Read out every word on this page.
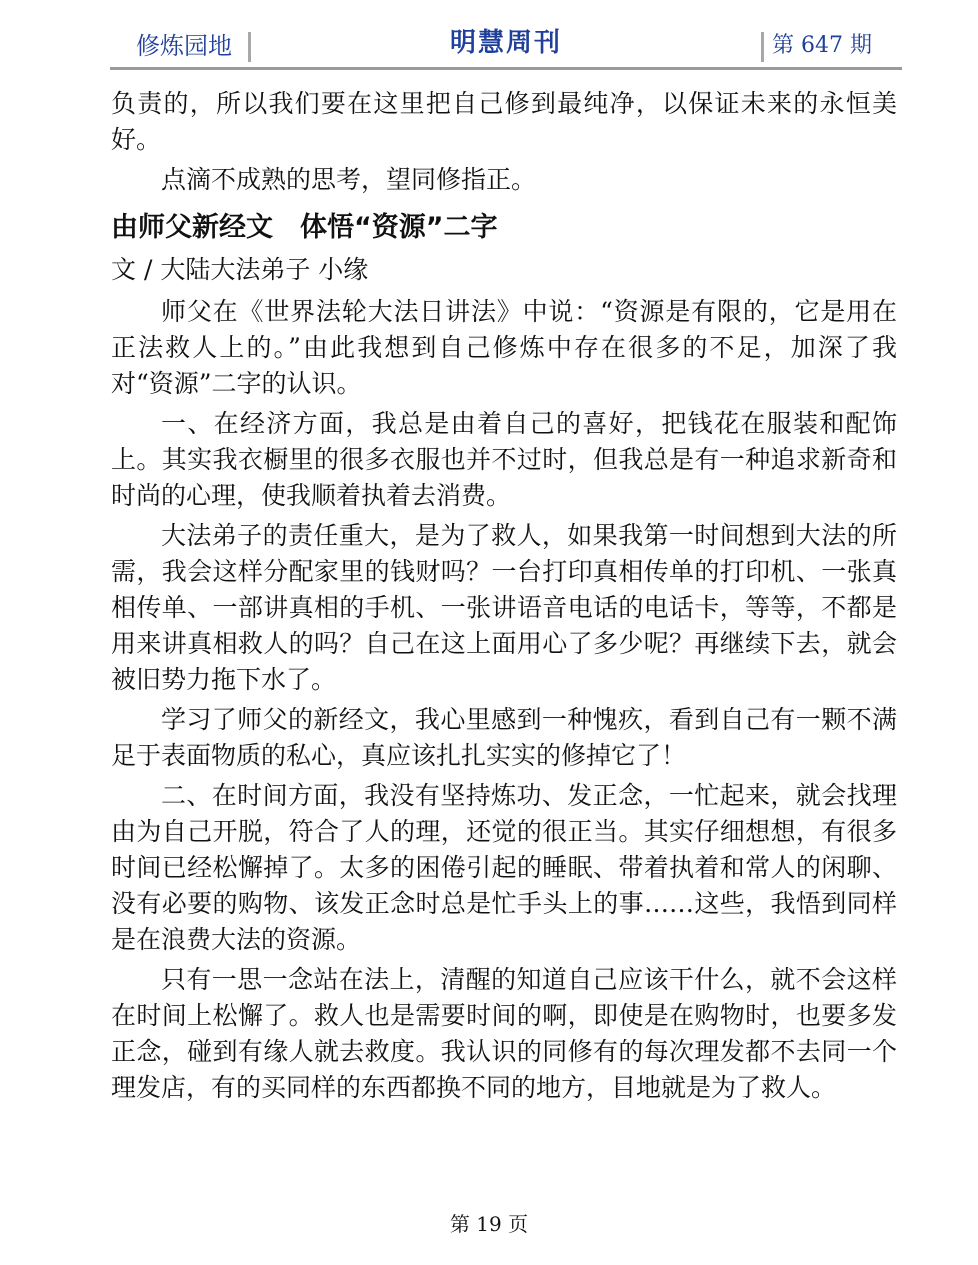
修炼园地	明慧周刊	第 647 期

负责的，所以我们要在这里把自己修到最纯净，以保证未来的永恒美好。

点滴不成熟的思考，望同修指正。

由师父新经文　体悟“资源”二字

文 / 大陆大法弟子 小缘

师父在《世界法轮大法日讲法》中说：“资源是有限的，它是用在正法救人上的。”由此我想到自己修炼中存在很多的不足，加深了我对“资源”二字的认识。

一、在经济方面，我总是由着自己的喜好，把钱花在服装和配饰上。其实我衣橱里的很多衣服也并不过时，但我总是有一种追求新奇和时尚的心理，使我顺着执着去消费。

大法弟子的责任重大，是为了救人，如果我第一时间想到大法的所需，我会这样分配家里的钱财吗？一台打印真相传单的打印机、一张真相传单、一部讲真相的手机、一张讲语音电话的电话卡，等等，不都是用来讲真相救人的吗？自己在这上面用心了多少呢？再继续下去，就会被旧势力拖下水了。

学习了师父的新经文，我心里感到一种愧疚，看到自己有一颗不满足于表面物质的私心，真应该扎扎实实的修掉它了！

二、在时间方面，我没有坚持炼功、发正念，一忙起来，就会找理由为自己开脱，符合了人的理，还觉的很正当。其实仔细想想，有很多时间已经松懈掉了。太多的困倦引起的睡眠、带着执着和常人的闲聊、没有必要的购物、该发正念时总是忙手头上的事……这些，我悟到同样是在浪费大法的资源。

只有一思一念站在法上，清醒的知道自己应该干什么，就不会这样在时间上松懈了。救人也是需要时间的啊，即使是在购物时，也要多发正念，碰到有缘人就去救度。我认识的同修有的每次理发都不去同一个理发店，有的买同样的东西都换不同的地方，目地就是为了救人。

第 19 页
